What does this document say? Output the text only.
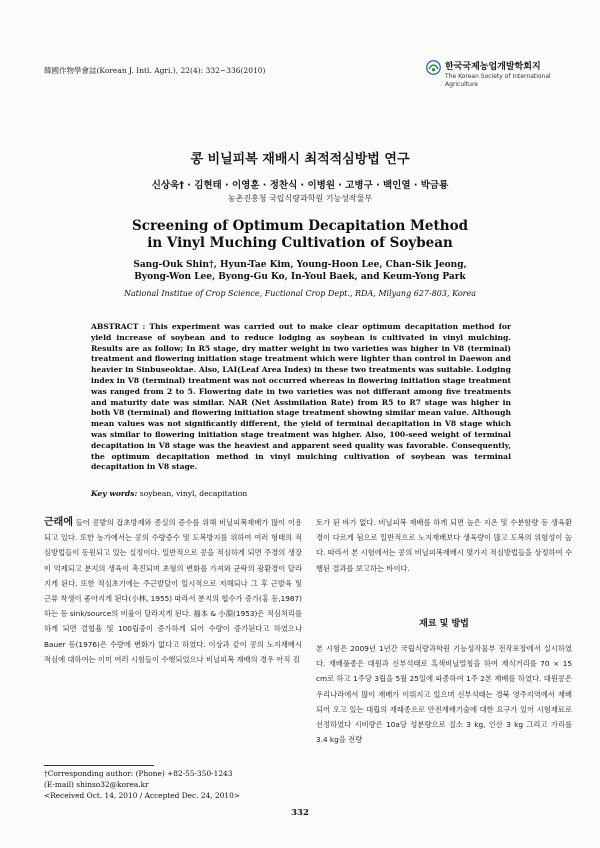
韓國作物學會誌(Korean J. Intl. Agri.), 22(4): 332~336(2010)	한국국제농업개발학회지
The Korean Society of International Agriculture
콩 비닐피복 재배시 최적적심방법 연구
신상욱† · 김현태 · 이영훈 · 정찬식 · 이병원 · 고병구 · 백인열 · 박금룡
농촌진흥청 국립식량과학원 기능성작물부
Screening of Optimum Decapitation Method
in Vinyl Muching Cultivation of Soybean
Sang-Ouk Shin†, Hyun-Tae Kim, Young-Hoon Lee, Chan-Sik Jeong,
Byong-Won Lee, Byong-Gu Ko, In-Youl Baek, and Keum-Yong Park
National Institue of Crop Science, Fuctional Crop Dept., RDA, Milyang 627-803, Korea

ABSTRACT : This experiment was carried out to make clear optimum decapitation method for yield increase of soybean and to reduce lodging as soybean is cultivated in vinyl mulching. Results are as follow; In R5 stage, dry matter weight in two varieties was higher in V8 (terminal) treatment and flowering initiation stage treatment which were lighter than control in Daewon and heavier in Sinbuseoktae. Also, LAI(Leaf Area Index) in these two treatments was suitable. Lodging index in V8 (terminal) treatment was not occurred whereas in flowering initiation stage treatment was ranged from 2 to 5. Flowering date in two varieties was not differant among five treatments and maturity date was similar. NAR (Net Assimilation Rate) from R5 to R7 stage was higher in both V8 (terminal) and flowering initiation stage treatment showing similar mean value. Although mean values was not significantly different, the yield of terminal decapitation in V8 stage which was similar to flowering initiation stage treatment was higher. Also, 100-seed weight of terminal decapitation in V8 stage was the heaviest and apparent seed quality was favorable. Consequently, the optimum decapitation method in vinyl mulching cultivation of soybean was terminal decapitation in V8 stage.

Key words: soybean, vinyl, decapitation
근래에 들어 콩밭의 잡초방제와 종실의 증수를 위해 비닐피복재배가 많이 이용되고 있다. 또한 농가에서는 콩의 수량증수 및 도복방지를 위하여 여러 형태의 적심방법들이 동원되고 있는 실정이다. 일반적으로 콩을 적심하게 되면 주경의 생장이 억제되고 분지의 생육이 촉진되며 초형의 변화를 가져와 군락의 광환경이 달라지게 된다. 또한 적심초기에는 주근발달이 일시적으로 저해되나 그 후 근발육 및 근류 착생이 좋아지게 된다(小林, 1955) 따라서 분지의 협수가 증가(홍 등,1987)하는 등 sink/source의 비율이 달라지게 된다. 福本 & 小淵(1953)은 적심처리를 하게 되면 결협율 및 100립중이 증가하게 되어 수량이 증가된다고 하였으나 Bauer 등(1976)은 수량에 변화가 없다고 하였다. 이상과 같이 콩의 노지재배시 적심에 대하여는 이미 여러 시험들이 수행되었으나 비닐피복 재배의 경우 아직 검
토가 된 바가 없다. 비닐피복 재배를 하게 되면 높은 지온 및 수분함량 등 생육환경이 다르게 됨으로 일반적으로 노지재배보다 생육량이 많고 도복의 위험성이 높다. 따라서 본 시험에서는 콩의 비닐피복재배시 몇가지 적심방법들을 상정하여 수행된 결과를 보고하는 바이다.
재료 및 방법
본 시험은 2009년 1년간 국립식량과학원 기능성작물부 전작포장에서 실시하였다. 재배품종은 대원과 신부석태로 흑색비닐멀칭을 하여 재식거리를 70 × 15 cm로 하고 1주당 3립을 5월 25일에 파종하여 1주 2본 재배를 하였다. 대원콩은 우리나라에서 많이 재배가 이뤄지고 있으며 신부석태는 경북 영주지역에서 재배되어 오고 있는 대립의 재래종으로 안전재배기술에 대한 요구가 있어 시험재료로 선정하였다 시비량은 10a당 성분량으로 질소 3 kg, 인산 3 kg 그리고 가리를 3.4 kg을 전량
†Corresponding author: (Phone) +82-55-350-1243
(E-mail) shinso32@korea.kr
<Received Oct. 14, 2010 / Accepted Dec. 24, 2010>
332
